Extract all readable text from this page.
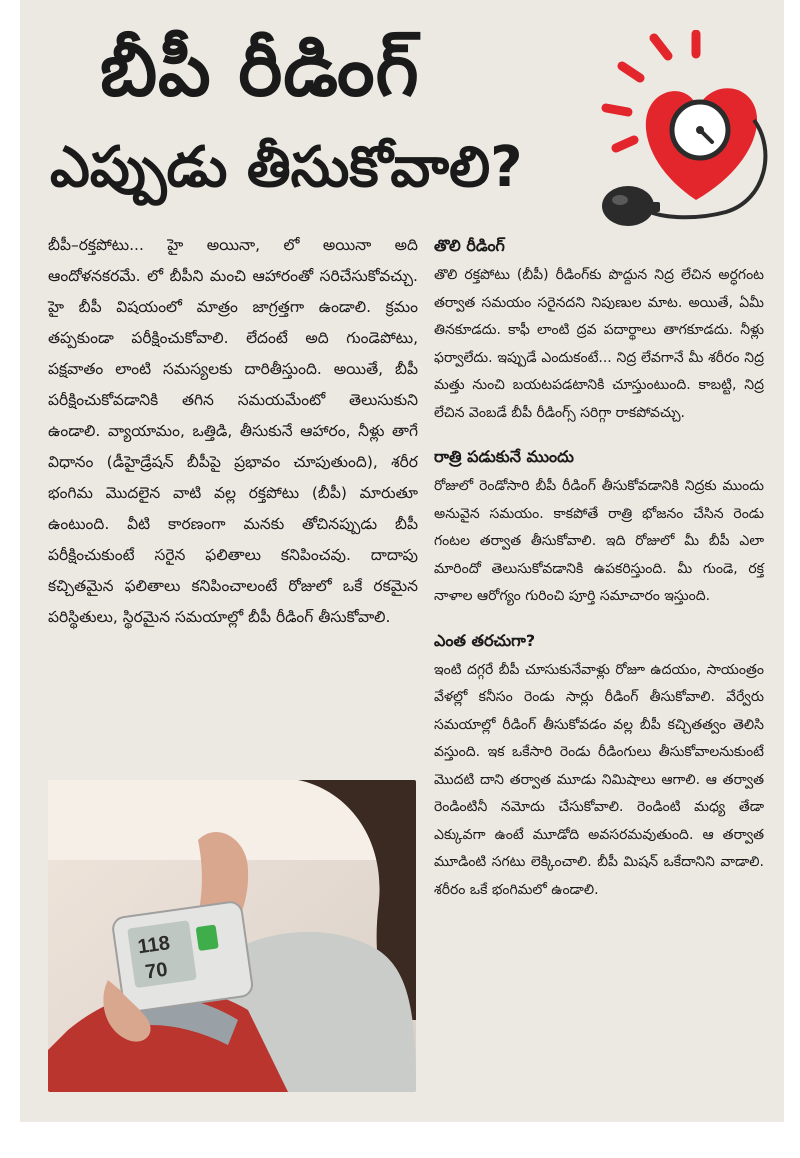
బీపీ రీడింగ్
ఎప్పుడు తీసుకోవాలి?

బీపీ–రక్తపోటు... హై అయినా, లో అయినా అది ఆందోళనకరమే. లో బీపీని మంచి ఆహారంతో సరిచేసుకోవచ్చు. హై బీపీ విషయంలో మాత్రం జాగ్రత్తగా ఉండాలి. క్రమం తప్పకుండా పరీక్షించుకోవాలి. లేదంటే అది గుండెపోటు, పక్షవాతం లాంటి సమస్యలకు దారితీస్తుంది. అయితే, బీపీ పరీక్షించుకోవడానికి తగిన సమయమేంటో తెలుసుకుని ఉండాలి. వ్యాయామం, ఒత్తిడి, తీసుకునే ఆహారం, నీళ్లు తాగే విధానం (డీహైడ్రేషన్ బీపీపై ప్రభావం చూపుతుంది), శరీర భంగిమ మొదలైన వాటి వల్ల రక్తపోటు (బీపీ) మారుతూ ఉంటుంది. వీటి కారణంగా మనకు తోచినప్పుడు బీపీ పరీక్షించుకుంటే సరైన ఫలితాలు కనిపించవు. దాదాపు కచ్చితమైన ఫలితాలు కనిపించాలంటే రోజులో ఒకే రకమైన పరిస్థితులు, స్థిరమైన సమయాల్లో బీపీ రీడింగ్ తీసుకోవాలి.

తొలి రీడింగ్

తొలి రక్తపోటు (బీపీ) రీడింగ్‌కు పొద్దున నిద్ర లేచిన అర్ధగంట తర్వాత సమయం సరైనదని నిపుణుల మాట. అయితే, ఏమీ తినకూడదు. కాఫీ లాంటి ద్రవ పదార్థాలు తాగకూడదు. నీళ్లు ఫర్వాలేదు. ఇప్పుడే ఎందుకంటే... నిద్ర లేవగానే మీ శరీరం నిద్ర మత్తు నుంచి బయటపడటానికి చూస్తుంటుంది. కాబట్టి, నిద్ర లేచిన వెంబడే బీపీ రీడింగ్స్ సరిగ్గా రాకపోవచ్చు.

రాత్రి పడుకునే ముందు

రోజులో రెండోసారి బీపీ రీడింగ్ తీసుకోవడానికి నిద్రకు ముందు అనువైన సమయం. కాకపోతే రాత్రి భోజనం చేసిన రెండు గంటల తర్వాత తీసుకోవాలి. ఇది రోజులో మీ బీపీ ఎలా మారిందో తెలుసుకోవడానికి ఉపకరిస్తుంది. మీ గుండె, రక్త నాళాల ఆరోగ్యం గురించి పూర్తి సమాచారం ఇస్తుంది.

ఎంత తరచుగా?

ఇంటి దగ్గరే బీపీ చూసుకునేవాళ్లు రోజూ ఉదయం, సాయంత్రం వేళల్లో కనీసం రెండు సార్లు రీడింగ్ తీసుకోవాలి. వేర్వేరు సమయాల్లో రీడింగ్ తీసుకోవడం వల్ల బీపీ కచ్చితత్వం తెలిసి వస్తుంది. ఇక ఒకేసారి రెండు రీడింగులు తీసుకోవాలనుకుంటే మొదటి దాని తర్వాత మూడు నిమిషాలు ఆగాలి. ఆ తర్వాత రెండింటినీ నమోదు చేసుకోవాలి. రెండింటి మధ్య తేడా ఎక్కువగా ఉంటే మూడోది అవసరమవుతుంది. ఆ తర్వాత మూడింటి సగటు లెక్కించాలి. బీపీ మిషన్ ఒకేదానిని వాడాలి. శరీరం ఒకే భంగిమలో ఉండాలి.

118
70
